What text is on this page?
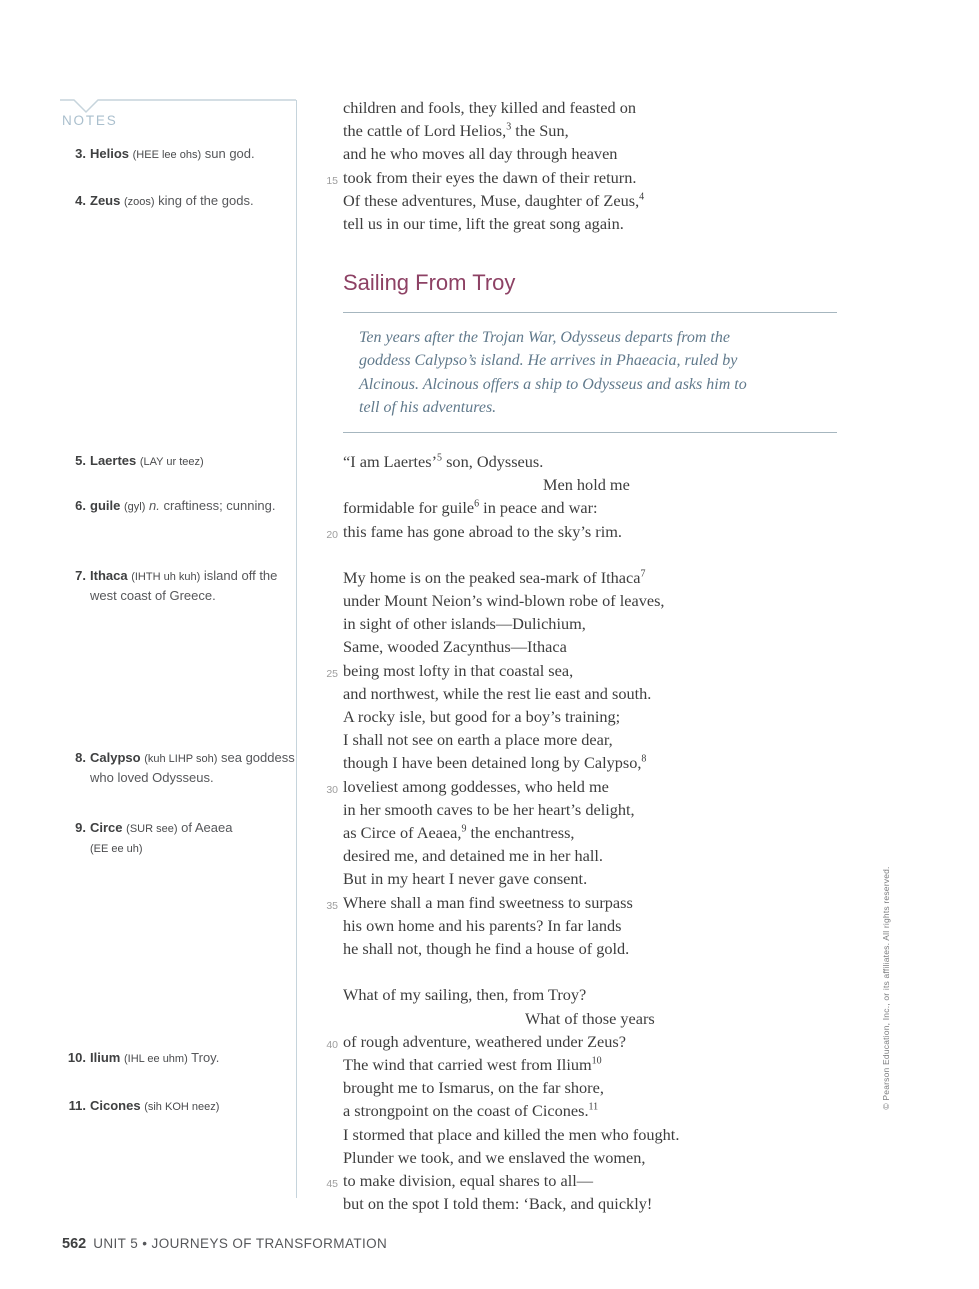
NOTES
3. Helios (HEE lee ohs) sun god.
4. Zeus (zoos) king of the gods.
5. Laertes (LAY ur teez)
6. guile (gyl) n. craftiness; cunning.
7. Ithaca (IHTH uh kuh) island off the west coast of Greece.
8. Calypso (kuh LIHP soh) sea goddess who loved Odysseus.
9. Circe (SUR see) of Aeaea
(EE ee uh)
10. Ilium (IHL ee uhm) Troy.
11. Cicones (sih KOH neez)
children and fools, they killed and feasted on
the cattle of Lord Helios,$^3$ the Sun,
and he who moves all day through heaven
15 took from their eyes the dawn of their return.
Of these adventures, Muse, daughter of Zeus,$^4$
tell us in our time, lift the great song again.
Sailing From Troy
Ten years after the Trojan War, Odysseus departs from the
goddess Calypso’s island. He arrives in Phaeacia, ruled by
Alcinous. Alcinous offers a ship to Odysseus and asks him to
tell of his adventures.
“I am Laertes’$^5$ son, Odysseus.
Men hold me
formidable for guile$^6$ in peace and war:
20 this fame has gone abroad to the sky’s rim.
My home is on the peaked sea-mark of Ithaca$^7$
under Mount Neion’s wind-blown robe of leaves,
in sight of other islands—Dulichium,
Same, wooded Zacynthus—Ithaca
25 being most lofty in that coastal sea,
and northwest, while the rest lie east and south.
A rocky isle, but good for a boy’s training;
I shall not see on earth a place more dear,
though I have been detained long by Calypso,$^8$
30 loveliest among goddesses, who held me
in her smooth caves to be her heart’s delight,
as Circe of Aeaea,$^9$ the enchantress,
desired me, and detained me in her hall.
But in my heart I never gave consent.
35 Where shall a man find sweetness to surpass
his own home and his parents? In far lands
he shall not, though he find a house of gold.
What of my sailing, then, from Troy?
What of those years
40 of rough adventure, weathered under Zeus?
The wind that carried west from Ilium$^{10}$
brought me to Ismarus, on the far shore,
a strongpoint on the coast of Cicones.$^{11}$
I stormed that place and killed the men who fought.
Plunder we took, and we enslaved the women,
45 to make division, equal shares to all—
but on the spot I told them: ‘Back, and quickly!
562 UNIT 5 • JOURNEYS OF TRANSFORMATION
© Pearson Education, Inc., or its affiliates. All rights reserved.
